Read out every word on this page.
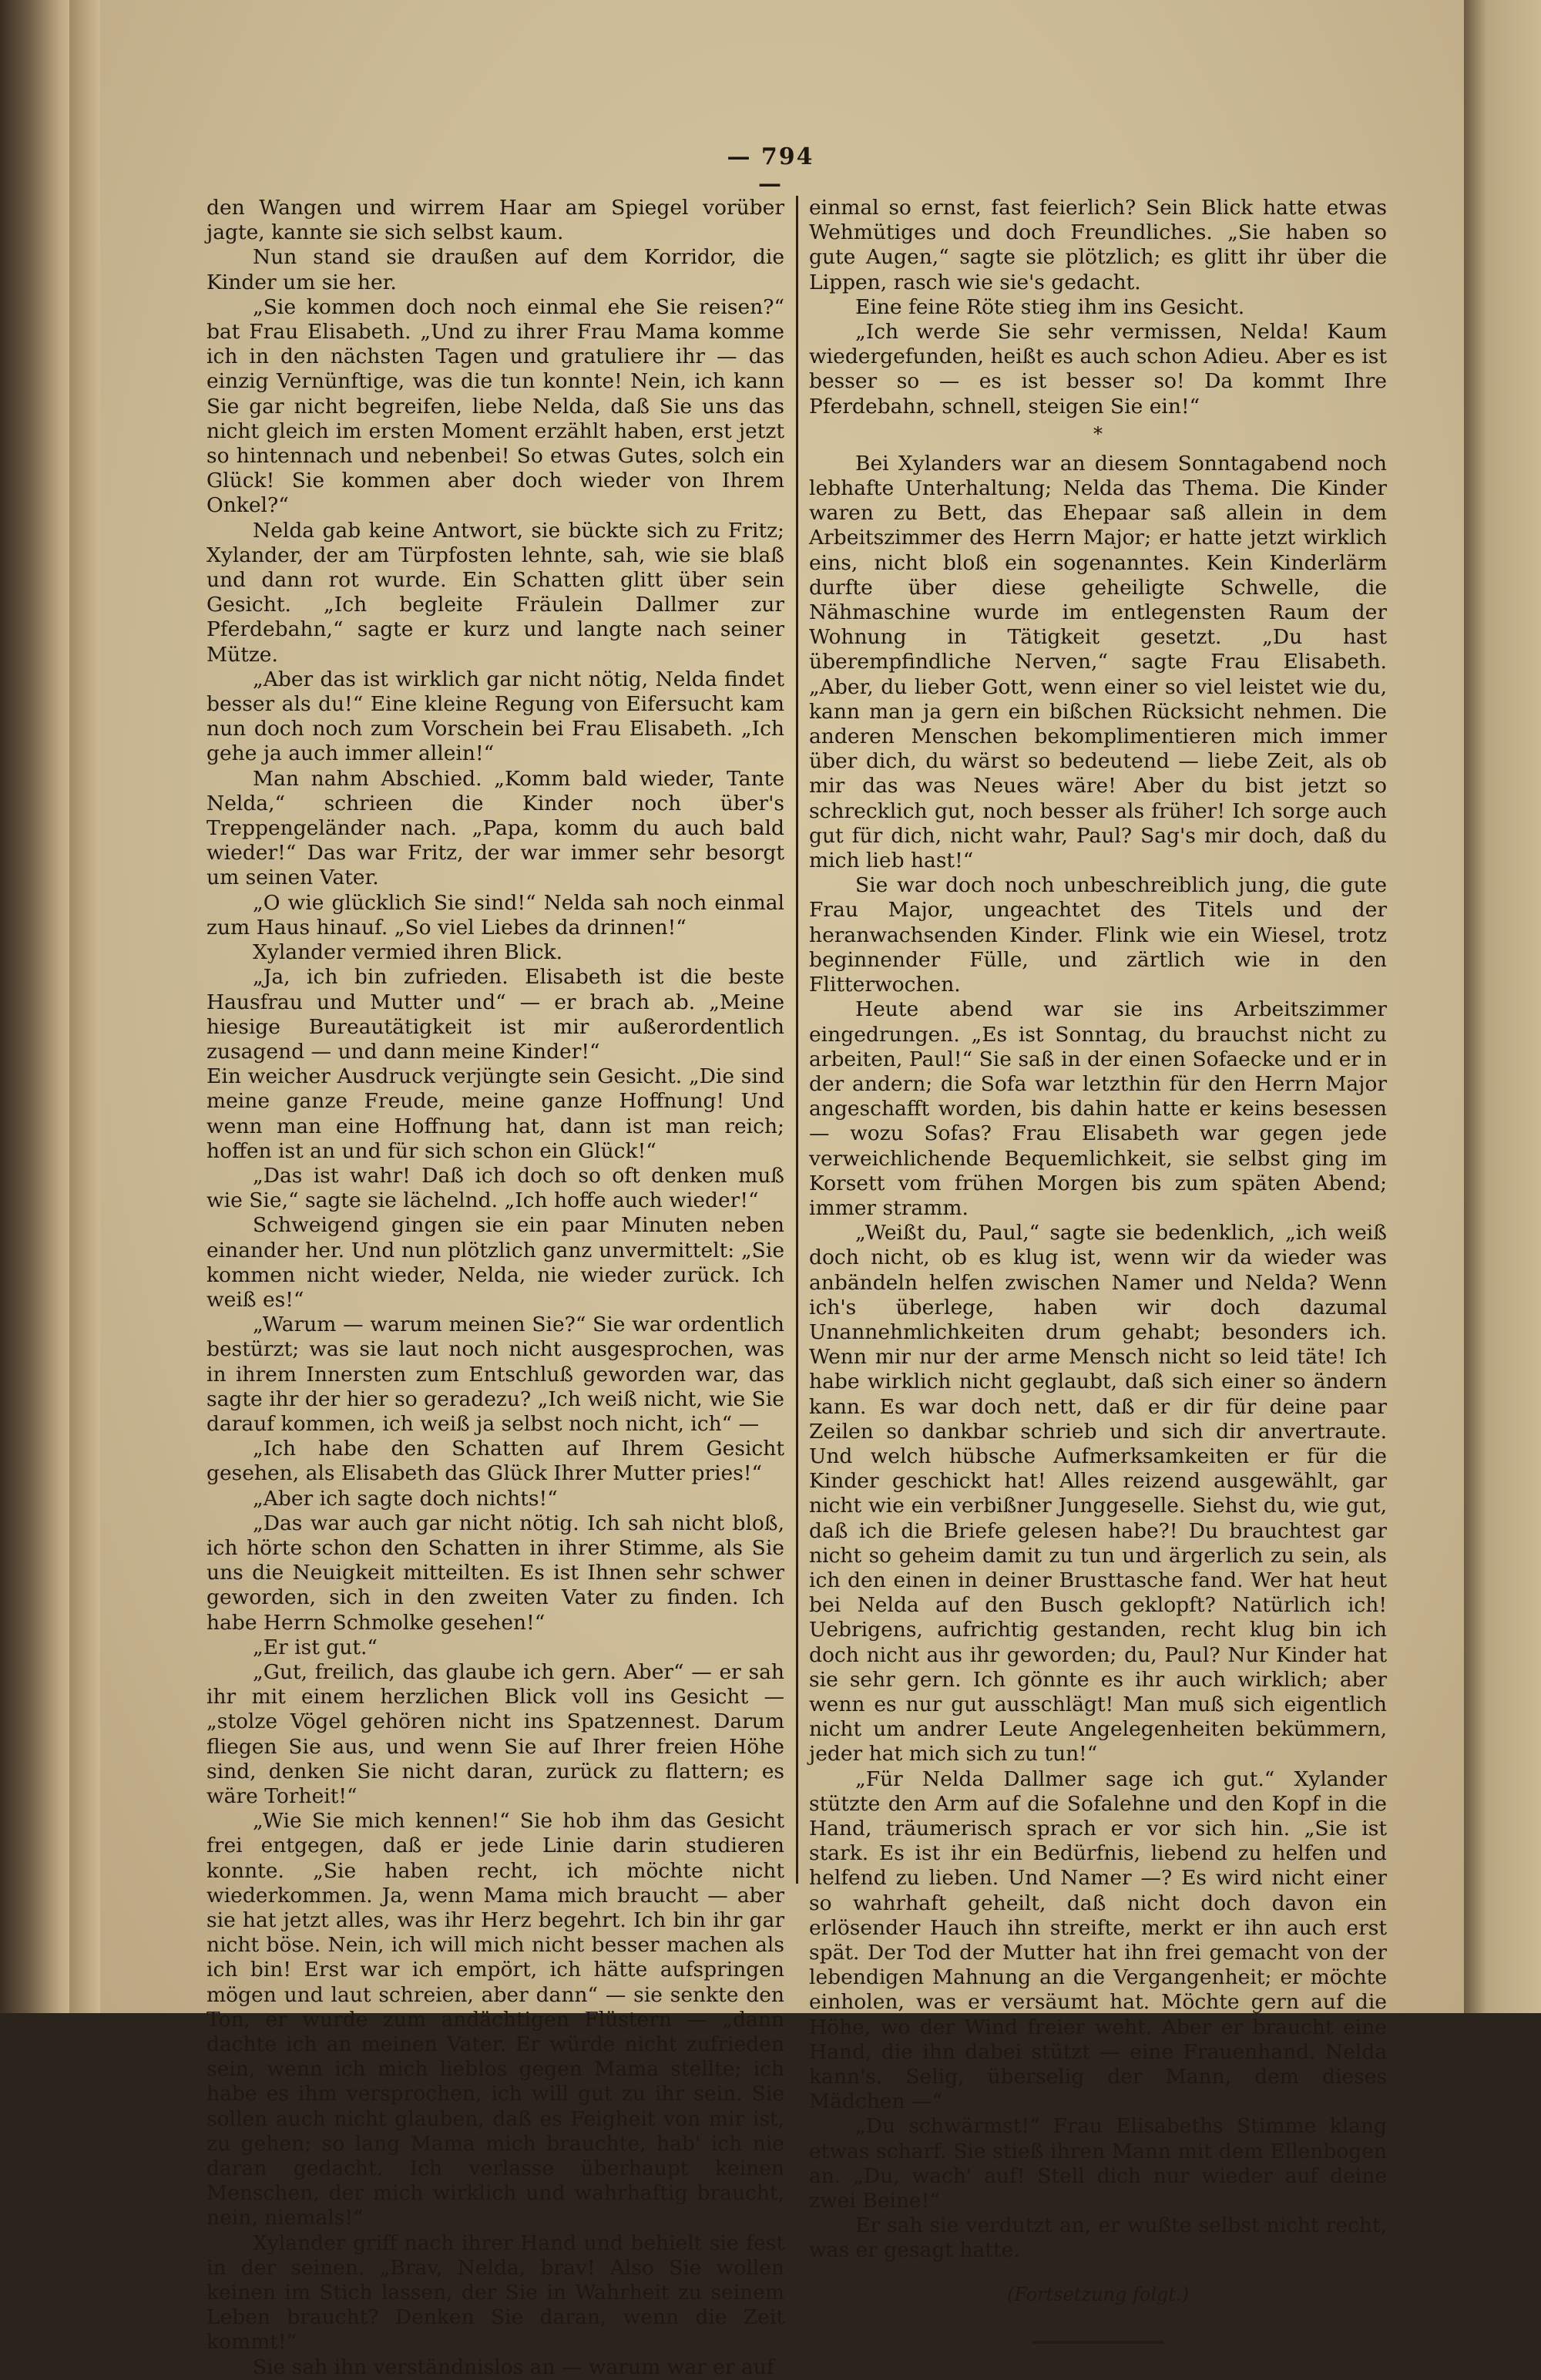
— 794 —

den Wangen und wirrem Haar am Spiegel vorüber jagte, kannte sie sich selbst kaum.

Nun stand sie draußen auf dem Korridor, die Kinder um sie her.

„Sie kommen doch noch einmal ehe Sie reisen?“ bat Frau Elisabeth. „Und zu ihrer Frau Mama komme ich in den nächsten Tagen und gratuliere ihr — das einzig Vernünftige, was die tun konnte! Nein, ich kann Sie gar nicht begreifen, liebe Nelda, daß Sie uns das nicht gleich im ersten Moment erzählt haben, erst jetzt so hintennach und nebenbei! So etwas Gutes, solch ein Glück! Sie kommen aber doch wieder von Ihrem Onkel?“

Nelda gab keine Antwort, sie bückte sich zu Fritz; Xylander, der am Türpfosten lehnte, sah, wie sie blaß und dann rot wurde. Ein Schatten glitt über sein Gesicht. „Ich begleite Fräulein Dallmer zur Pferdebahn,“ sagte er kurz und langte nach seiner Mütze.

„Aber das ist wirklich gar nicht nötig, Nelda findet besser als du!“ Eine kleine Regung von Eifersucht kam nun doch noch zum Vorschein bei Frau Elisabeth. „Ich gehe ja auch immer allein!“

Man nahm Abschied. „Komm bald wieder, Tante Nelda,“ schrieen die Kinder noch über's Treppengeländer nach. „Papa, komm du auch bald wieder!“ Das war Fritz, der war immer sehr besorgt um seinen Vater.

„O wie glücklich Sie sind!“ Nelda sah noch einmal zum Haus hinauf. „So viel Liebes da drinnen!“

Xylander vermied ihren Blick.

„Ja, ich bin zufrieden. Elisabeth ist die beste Hausfrau und Mutter und“ — er brach ab. „Meine hiesige Bureautätigkeit ist mir außerordentlich zusagend — und dann meine Kinder!“

Ein weicher Ausdruck verjüngte sein Gesicht. „Die sind meine ganze Freude, meine ganze Hoffnung! Und wenn man eine Hoffnung hat, dann ist man reich; hoffen ist an und für sich schon ein Glück!“

„Das ist wahr! Daß ich doch so oft denken muß wie Sie,“ sagte sie lächelnd. „Ich hoffe auch wieder!“

Schweigend gingen sie ein paar Minuten neben einander her. Und nun plötzlich ganz unvermittelt: „Sie kommen nicht wieder, Nelda, nie wieder zurück. Ich weiß es!“

„Warum — warum meinen Sie?“ Sie war ordentlich bestürzt; was sie laut noch nicht ausgesprochen, was in ihrem Innersten zum Entschluß geworden war, das sagte ihr der hier so geradezu? „Ich weiß nicht, wie Sie darauf kommen, ich weiß ja selbst noch nicht, ich“ —

„Ich habe den Schatten auf Ihrem Gesicht gesehen, als Elisabeth das Glück Ihrer Mutter pries!“

„Aber ich sagte doch nichts!“

„Das war auch gar nicht nötig. Ich sah nicht bloß, ich hörte schon den Schatten in ihrer Stimme, als Sie uns die Neuigkeit mitteilten. Es ist Ihnen sehr schwer geworden, sich in den zweiten Vater zu finden. Ich habe Herrn Schmolke gesehen!“

„Er ist gut.“

„Gut, freilich, das glaube ich gern. Aber“ — er sah ihr mit einem herzlichen Blick voll ins Gesicht — „stolze Vögel gehören nicht ins Spatzennest. Darum fliegen Sie aus, und wenn Sie auf Ihrer freien Höhe sind, denken Sie nicht daran, zurück zu flattern; es wäre Torheit!“

„Wie Sie mich kennen!“ Sie hob ihm das Gesicht frei entgegen, daß er jede Linie darin studieren konnte. „Sie haben recht, ich möchte nicht wiederkommen. Ja, wenn Mama mich braucht — aber sie hat jetzt alles, was ihr Herz begehrt. Ich bin ihr gar nicht böse. Nein, ich will mich nicht besser machen als ich bin! Erst war ich empört, ich hätte aufspringen mögen und laut schreien, aber dann“ — sie senkte den Ton, er wurde zum andächtigen Flüstern — „dann dachte ich an meinen Vater. Er würde nicht zufrieden sein, wenn ich mich lieblos gegen Mama stellte; ich habe es ihm versprochen, ich will gut zu ihr sein. Sie sollen auch nicht glauben, daß es Feigheit von mir ist, zu gehen; so lang Mama mich brauchte, hab' ich nie daran gedacht. Ich verlasse überhaupt keinen Menschen, der mich wirklich und wahrhaftig braucht, nein, niemals!“

Xylander griff nach ihrer Hand und behielt sie fest in der seinen. „Brav, Nelda, brav! Also Sie wollen keinen im Stich lassen, der Sie in Wahrheit zu seinem Leben braucht? Denken Sie daran, wenn die Zeit kommt!“

Sie sah ihn verständnislos an — warum war er auf

einmal so ernst, fast feierlich? Sein Blick hatte etwas Wehmütiges und doch Freundliches. „Sie haben so gute Augen,“ sagte sie plötzlich; es glitt ihr über die Lippen, rasch wie sie's gedacht.

Eine feine Röte stieg ihm ins Gesicht.

„Ich werde Sie sehr vermissen, Nelda! Kaum wiedergefunden, heißt es auch schon Adieu. Aber es ist besser so — es ist besser so! Da kommt Ihre Pferdebahn, schnell, steigen Sie ein!“

*

Bei Xylanders war an diesem Sonntagabend noch lebhafte Unterhaltung; Nelda das Thema. Die Kinder waren zu Bett, das Ehepaar saß allein in dem Arbeitszimmer des Herrn Major; er hatte jetzt wirklich eins, nicht bloß ein sogenanntes. Kein Kinderlärm durfte über diese geheiligte Schwelle, die Nähmaschine wurde im entlegensten Raum der Wohnung in Tätigkeit gesetzt. „Du hast überempfindliche Nerven,“ sagte Frau Elisabeth. „Aber, du lieber Gott, wenn einer so viel leistet wie du, kann man ja gern ein bißchen Rücksicht nehmen. Die anderen Menschen bekomplimentieren mich immer über dich, du wärst so bedeutend — liebe Zeit, als ob mir das was Neues wäre! Aber du bist jetzt so schrecklich gut, noch besser als früher! Ich sorge auch gut für dich, nicht wahr, Paul? Sag's mir doch, daß du mich lieb hast!“

Sie war doch noch unbeschreiblich jung, die gute Frau Major, ungeachtet des Titels und der heranwachsenden Kinder. Flink wie ein Wiesel, trotz beginnender Fülle, und zärtlich wie in den Flitterwochen.

Heute abend war sie ins Arbeitszimmer eingedrungen. „Es ist Sonntag, du brauchst nicht zu arbeiten, Paul!“ Sie saß in der einen Sofaecke und er in der andern; die Sofa war letzthin für den Herrn Major angeschafft worden, bis dahin hatte er keins besessen — wozu Sofas? Frau Elisabeth war gegen jede verweichlichende Bequemlichkeit, sie selbst ging im Korsett vom frühen Morgen bis zum späten Abend; immer stramm.

„Weißt du, Paul,“ sagte sie bedenklich, „ich weiß doch nicht, ob es klug ist, wenn wir da wieder was anbändeln helfen zwischen Namer und Nelda? Wenn ich's überlege, haben wir doch dazumal Unannehmlichkeiten drum gehabt; besonders ich. Wenn mir nur der arme Mensch nicht so leid täte! Ich habe wirklich nicht geglaubt, daß sich einer so ändern kann. Es war doch nett, daß er dir für deine paar Zeilen so dankbar schrieb und sich dir anvertraute. Und welch hübsche Aufmerksamkeiten er für die Kinder geschickt hat! Alles reizend ausgewählt, gar nicht wie ein verbißner Junggeselle. Siehst du, wie gut, daß ich die Briefe gelesen habe?! Du brauchtest gar nicht so geheim damit zu tun und ärgerlich zu sein, als ich den einen in deiner Brusttasche fand. Wer hat heut bei Nelda auf den Busch geklopft? Natürlich ich! Uebrigens, aufrichtig gestanden, recht klug bin ich doch nicht aus ihr geworden; du, Paul? Nur Kinder hat sie sehr gern. Ich gönnte es ihr auch wirklich; aber wenn es nur gut ausschlägt! Man muß sich eigentlich nicht um andrer Leute Angelegenheiten bekümmern, jeder hat mich sich zu tun!“

„Für Nelda Dallmer sage ich gut.“ Xylander stützte den Arm auf die Sofalehne und den Kopf in die Hand, träumerisch sprach er vor sich hin. „Sie ist stark. Es ist ihr ein Bedürfnis, liebend zu helfen und helfend zu lieben. Und Namer —? Es wird nicht einer so wahrhaft geheilt, daß nicht doch davon ein erlösender Hauch ihn streifte, merkt er ihn auch erst spät. Der Tod der Mutter hat ihn frei gemacht von der lebendigen Mahnung an die Vergangenheit; er möchte einholen, was er versäumt hat. Möchte gern auf die Höhe, wo der Wind freier weht. Aber er braucht eine Hand, die ihn dabei stützt — eine Frauenhand. Nelda kann's. Selig, überselig der Mann, dem dieses Mädchen —“

„Du schwärmst!“ Frau Elisabeths Stimme klang etwas scharf. Sie stieß ihren Mann mit dem Ellenbogen an. „Du, wach' auf! Stell dich nur wieder auf deine zwei Beine!“

Er sah sie verdutzt an, er wußte selbst nicht recht, was er gesagt hatte.

(Fortsetzung folgt.)
